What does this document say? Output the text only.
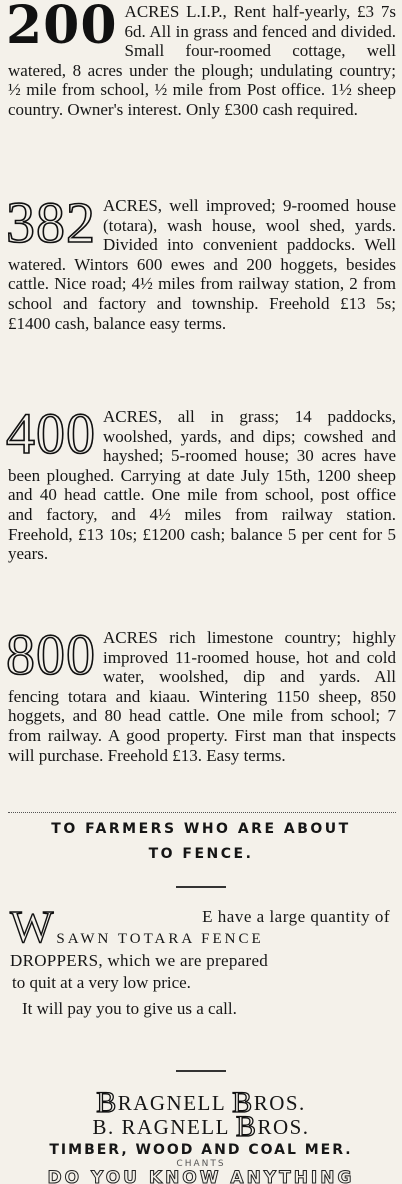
200 ACRES L.I.P., Rent half-yearly, £3 7s 6d. All in grass and fenced and divided. Small four-roomed cottage, well watered, 8 acres under the plough; undulating country; ½ mile from school, ½ mile from Post office. 1½ sheep country. Owner's interest. Only £300 cash required.

382 ACRES, well improved; 9-roomed house (totara), wash house, wool shed, yards. Divided into convenient paddocks. Well watered. Wintors 600 ewes and 200 hoggets, besides cattle. Nice road; 4½ miles from railway station, 2 from school and factory and township. Freehold £13 5s; £1400 cash, balance easy terms.

400 ACRES, all in grass; 14 paddocks, woolshed, yards, and dips; cowshed and hayshed; 5-roomed house; 30 acres have been ploughed. Carrying at date July 15th, 1200 sheep and 40 head cattle. One mile from school, post office and factory, and 4½ miles from railway station. Freehold, £13 10s; £1200 cash; balance 5 per cent for 5 years.

800 ACRES rich limestone country; highly improved 11-roomed house, hot and cold water, woolshed, dip and yards. All fencing totara and kiaau. Wintering 1150 sheep, 850 hoggets, and 80 head cattle. One mile from school; 7 from railway. A good property. First man that inspects will purchase. Freehold £13. Easy terms.

TO FARMERS WHO ARE ABOUT
TO FENCE.
W	E have a large quantity of
SAWN TOTARA FENCE
DROPPERS, which we are prepared
to quit at a very low price.
It will pay you to give us a call.
BRAGNELL BROS.
B. RAGNELL BROS.
TIMBER, WOOD AND COAL MER.
CHANTS
DO YOU KNOW ANYTHING
